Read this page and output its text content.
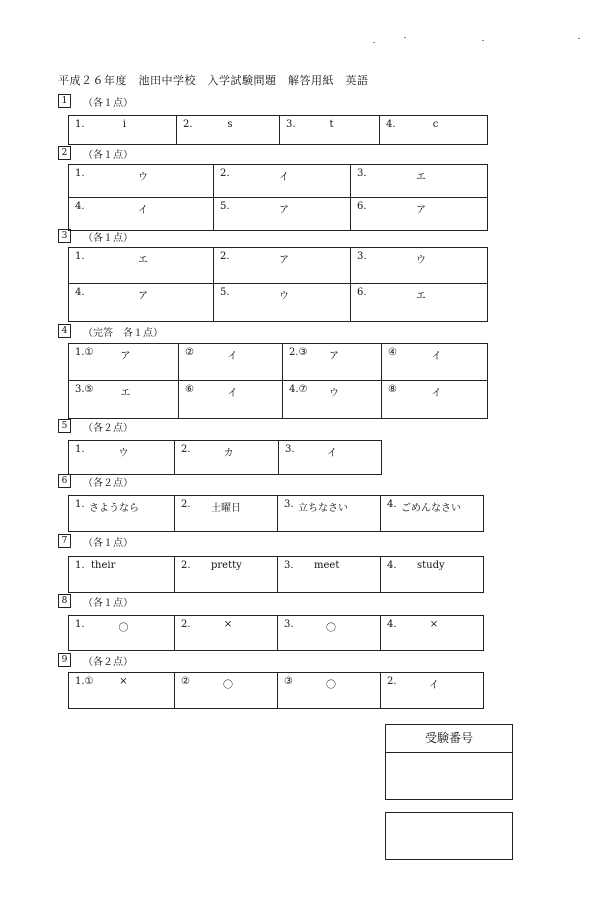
平成２６年度　池田中学校　入学試験問題　解答用紙　英語
1	（各１点）
1.	i	2.	s	3.	t	4.	c
2	（各１点）
1. ウ	2. イ	3. エ

4. イ	5. ア	6. ア
3	（各１点）
1. エ	2. ア	3. ウ

4. ア	5. ウ	6. エ
4	（完答　各１点）
1.① ア	② イ	2.③ ア	④ イ

3.⑤ エ	⑥ イ	4.⑦ ウ	⑧ イ
5	（各２点）
1.	ウ	2.	カ	3.	イ
6	（各２点）
1. さようなら	2.	土曜日	3. 立ちなさい	4. ごめんなさい
7	（各１点）
1. their	2.	pretty	3.	meet	4.	study
8	（各１点）
1.	〇	2.	×	3.	〇	4.	×
9	（各２点）
1.①	×	②	〇	③	〇	2.	イ
受験番号
